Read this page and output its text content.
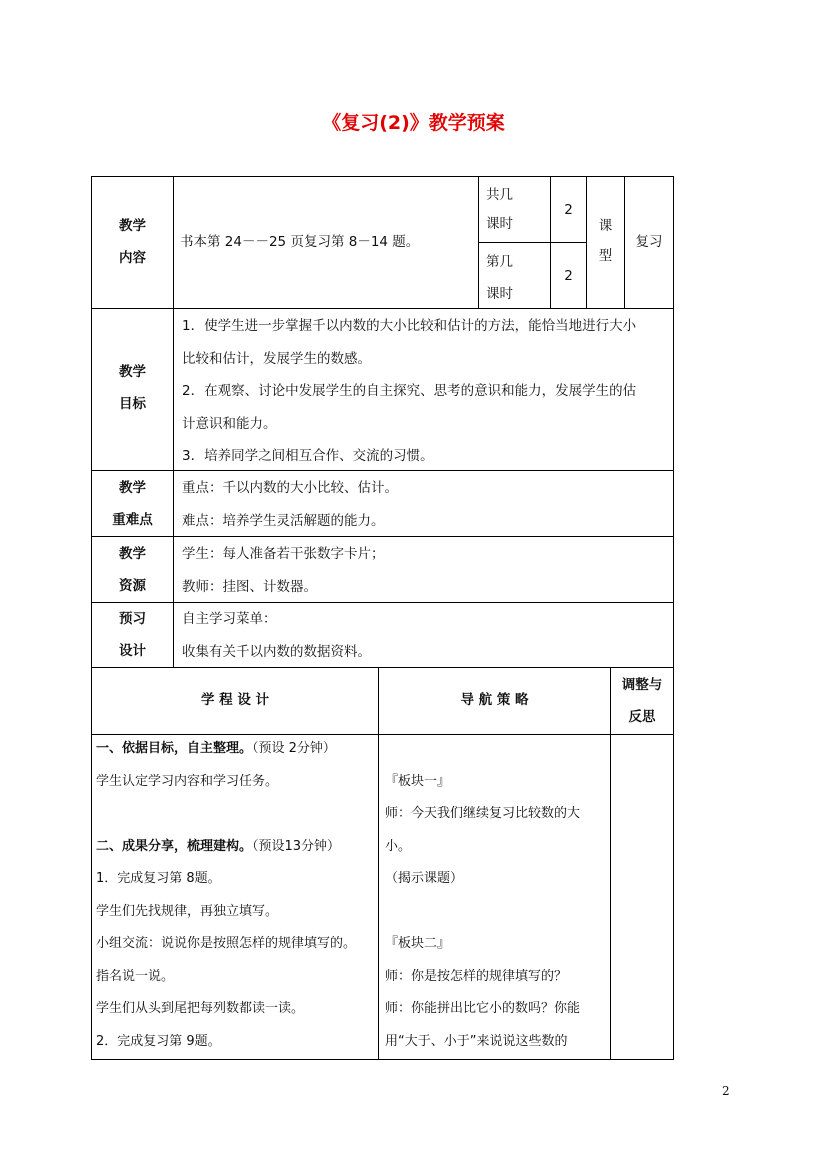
《复习(2)》教学预案
教学
内容
书本第 24－－25 页复习第 8－14 题。
共几
课时
2
第几
课时
2
课
型
复习
教学
目标
1．使学生进一步掌握千以内数的大小比较和估计的方法，能恰当地进行大小
比较和估计，发展学生的数感。
2．在观察、讨论中发展学生的自主探究、思考的意识和能力，发展学生的估
计意识和能力。
3．培养同学之间相互合作、交流的习惯。
教学
重难点
重点：千以内数的大小比较、估计。
难点：培养学生灵活解题的能力。
教学
资源
学生：每人准备若干张数字卡片；
教师：挂图、计数器。
预习
设计
自主学习菜单：
收集有关千以内数的数据资料。
学 程 设 计	导 航 策 略
调整与
反思
一、依据目标，自主整理。（预设 2分钟）
学生认定学习内容和学习任务。
二、成果分享，梳理建构。（预设13分钟）
1．完成复习第 8题。
学生们先找规律，再独立填写。
小组交流：说说你是按照怎样的规律填写的。
指名说一说。
学生们从头到尾把每列数都读一读。
2．完成复习第 9题。
『板块一』
师：今天我们继续复习比较数的大
小。
（揭示课题）
『板块二』
师：你是按怎样的规律填写的？
师：你能拼出比它小的数吗？你能
用“大于、小于”来说说这些数的
2
